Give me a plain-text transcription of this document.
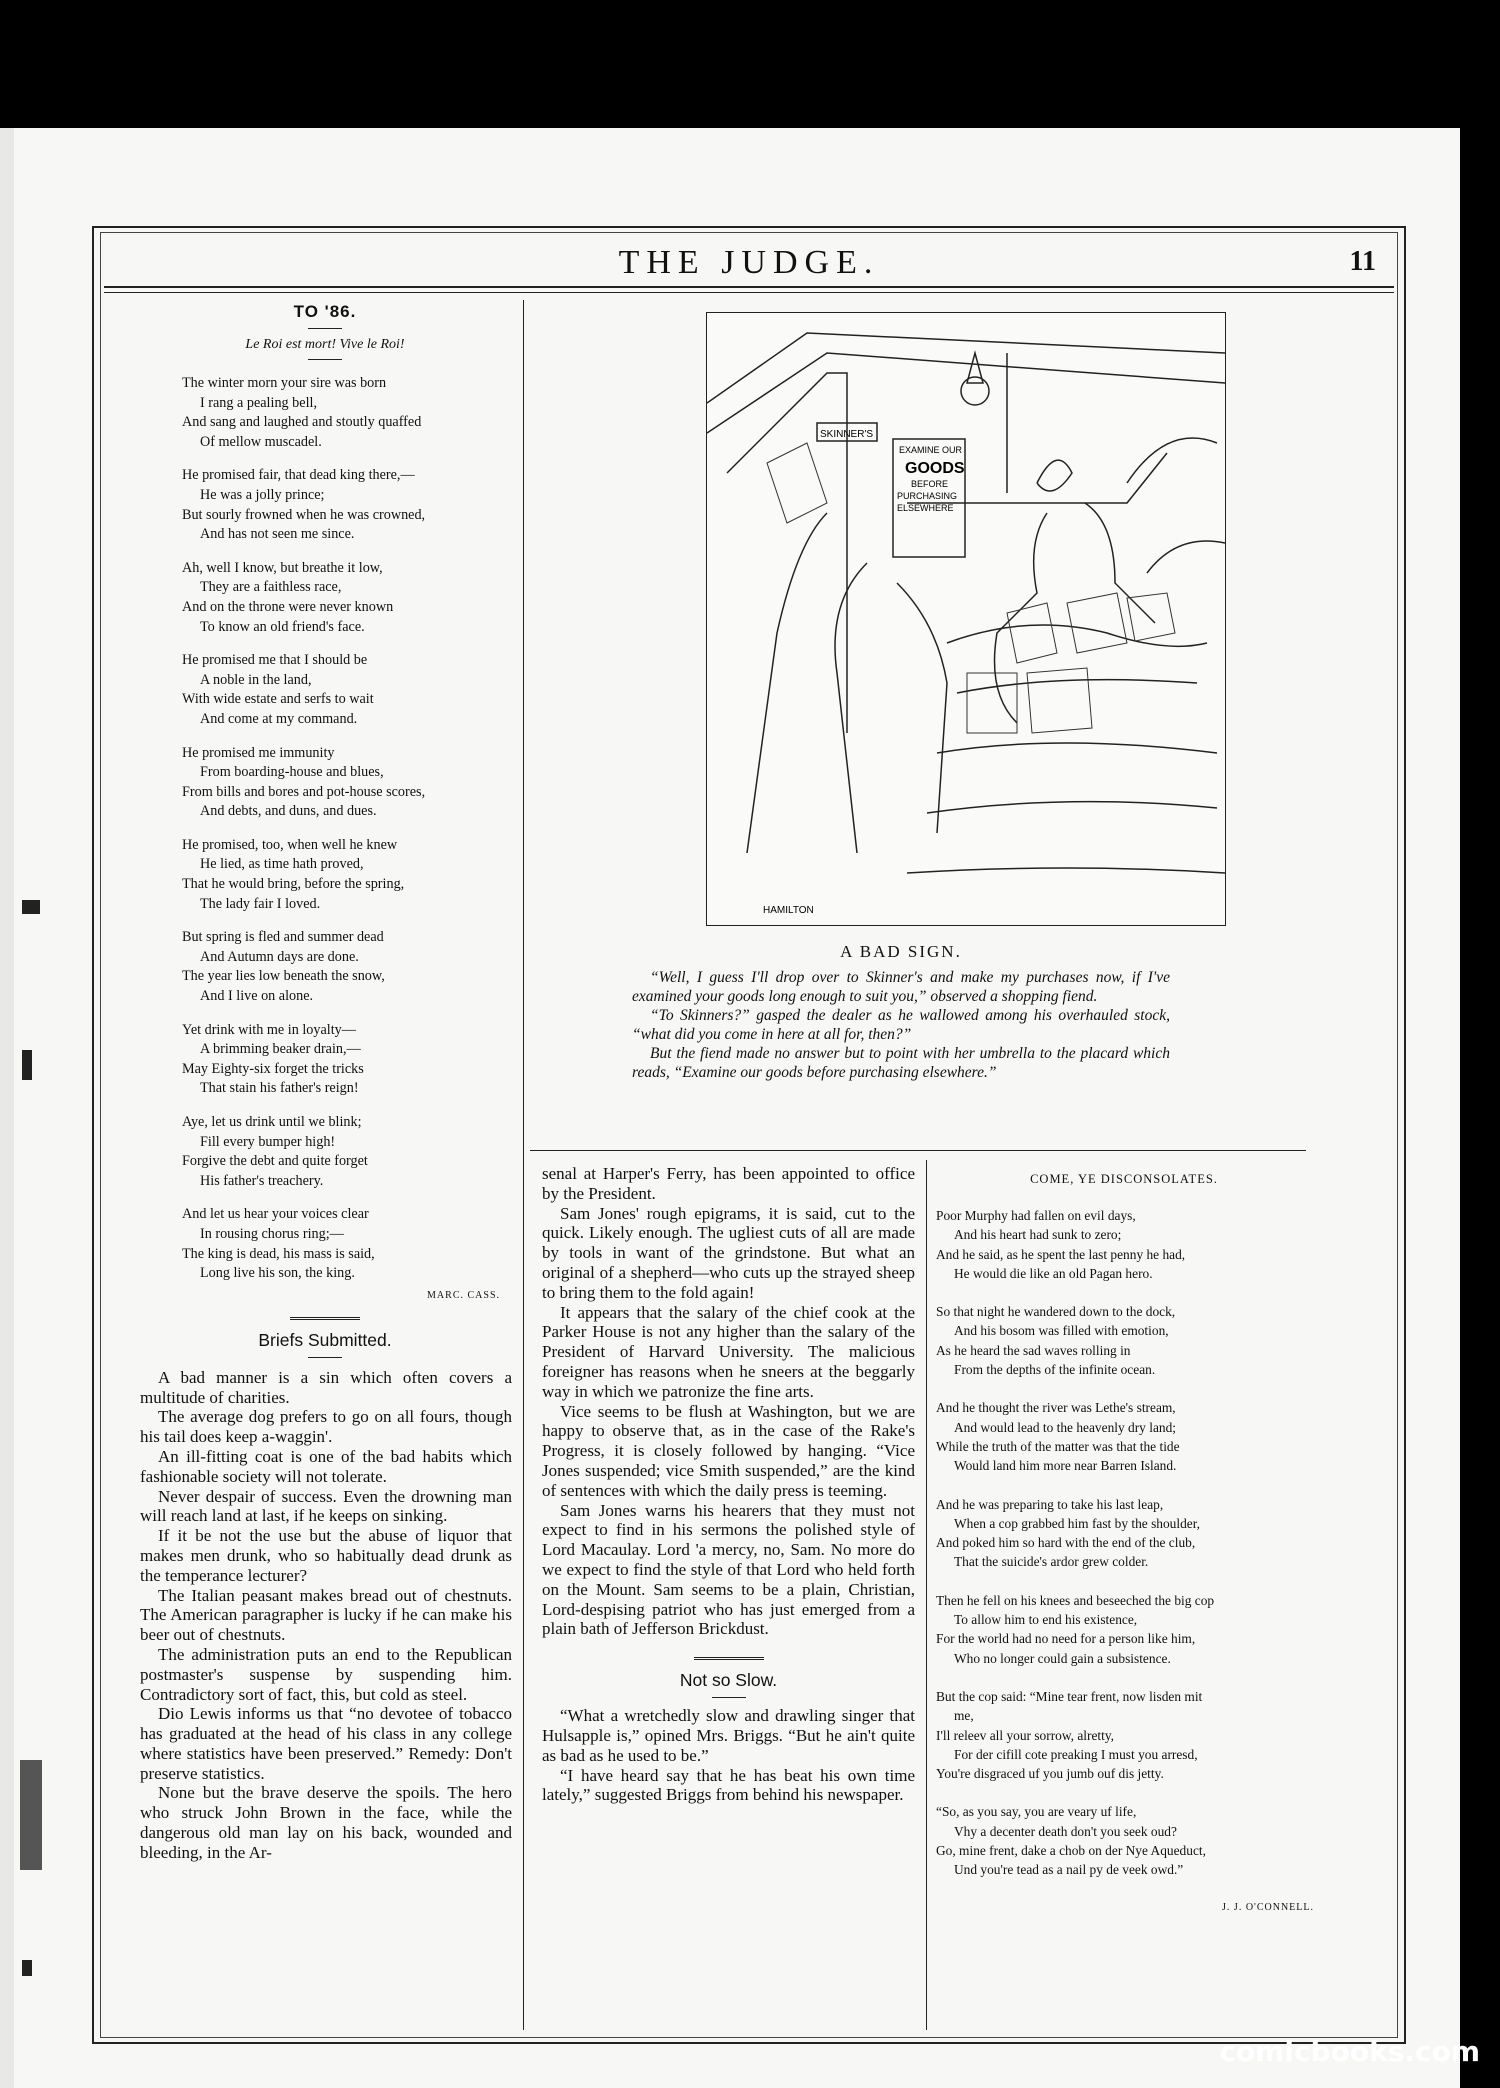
THE JUDGE.	11
TO '86.
Le Roi est mort! Vive le Roi!
The winter morn your sire was born
I rang a pealing bell,
And sang and laughed and stoutly quaffed
Of mellow muscadel.
He promised fair, that dead king there,—
He was a jolly prince;
But sourly frowned when he was crowned,
And has not seen me since.
Ah, well I know, but breathe it low,
They are a faithless race,
And on the throne were never known
To know an old friend's face.
He promised me that I should be
A noble in the land,
With wide estate and serfs to wait
And come at my command.
He promised me immunity
From boarding-house and blues,
From bills and bores and pot-house scores,
And debts, and duns, and dues.
He promised, too, when well he knew
He lied, as time hath proved,
That he would bring, before the spring,
The lady fair I loved.
But spring is fled and summer dead
And Autumn days are done.
The year lies low beneath the snow,
And I live on alone.
Yet drink with me in loyalty—
A brimming beaker drain,—
May Eighty-six forget the tricks
That stain his father's reign!
Aye, let us drink until we blink;
Fill every bumper high!
Forgive the debt and quite forget
His father's treachery.
And let us hear your voices clear
In rousing chorus ring;—
The king is dead, his mass is said,
Long live his son, the king.
MARC. CASS.
Briefs Submitted.

A bad manner is a sin which often covers a multitude of charities.

The average dog prefers to go on all fours, though his tail does keep a-waggin'.

An ill-fitting coat is one of the bad habits which fashionable society will not tolerate.

Never despair of success. Even the drowning man will reach land at last, if he keeps on sinking.

If it be not the use but the abuse of liquor that makes men drunk, who so habitually dead drunk as the temperance lecturer?

The Italian peasant makes bread out of chestnuts. The American paragrapher is lucky if he can make his beer out of chestnuts.

The administration puts an end to the Republican postmaster's suspense by suspending him. Contradictory sort of fact, this, but cold as steel.

Dio Lewis informs us that “no devotee of tobacco has graduated at the head of his class in any college where statistics have been preserved.” Remedy: Don't preserve statistics.

None but the brave deserve the spoils. The hero who struck John Brown in the face, while the dangerous old man lay on his back, wounded and bleeding, in the Ar-

EXAMINE OUR
GOODS
BEFORE
PURCHASING
ELSEWHERE
SKINNER'S
HAMILTON
A BAD SIGN.

“Well, I guess I'll drop over to Skinner's and make my purchases now, if I've examined your goods long enough to suit you,” observed a shopping fiend.

“To Skinners?” gasped the dealer as he wallowed among his overhauled stock, “what did you come in here at all for, then?”

But the fiend made no answer but to point with her umbrella to the placard which reads, “Examine our goods before purchasing elsewhere.”

senal at Harper's Ferry, has been appointed to office by the President.

Sam Jones' rough epigrams, it is said, cut to the quick. Likely enough. The ugliest cuts of all are made by tools in want of the grindstone. But what an original of a shepherd—who cuts up the strayed sheep to bring them to the fold again!

It appears that the salary of the chief cook at the Parker House is not any higher than the salary of the President of Harvard University. The malicious foreigner has reasons when he sneers at the beggarly way in which we patronize the fine arts.

Vice seems to be flush at Washington, but we are happy to observe that, as in the case of the Rake's Progress, it is closely followed by hanging. “Vice Jones suspended; vice Smith suspended,” are the kind of sentences with which the daily press is teeming.

Sam Jones warns his hearers that they must not expect to find in his sermons the polished style of Lord Macaulay. Lord 'a mercy, no, Sam. No more do we expect to find the style of that Lord who held forth on the Mount. Sam seems to be a plain, Christian, Lord-despising patriot who has just emerged from a plain bath of Jefferson Brickdust.

Not so Slow.

“What a wretchedly slow and drawling singer that Hulsapple is,” opined Mrs. Briggs. “But he ain't quite as bad as he used to be.”

“I have heard say that he has beat his own time lately,” suggested Briggs from behind his newspaper.

COME, YE DISCONSOLATES.
Poor Murphy had fallen on evil days,
And his heart had sunk to zero;
And he said, as he spent the last penny he had,
He would die like an old Pagan hero.
So that night he wandered down to the dock,
And his bosom was filled with emotion,
As he heard the sad waves rolling in
From the depths of the infinite ocean.
And he thought the river was Lethe's stream,
And would lead to the heavenly dry land;
While the truth of the matter was that the tide
Would land him more near Barren Island.
And he was preparing to take his last leap,
When a cop grabbed him fast by the shoulder,
And poked him so hard with the end of the club,
That the suicide's ardor grew colder.
Then he fell on his knees and beseeched the big cop
To allow him to end his existence,
For the world had no need for a person like him,
Who no longer could gain a subsistence.
But the cop said: “Mine tear frent, now lisden mit
me,
I'll releev all your sorrow, alretty,
For der cifill cote preaking I must you arresd,
You're disgraced uf you jumb ouf dis jetty.
“So, as you say, you are veary uf life,
Vhy a decenter death don't you seek oud?
Go, mine frent, dake a chob on der Nye Aqueduct,
Und you're tead as a nail py de veek owd.”
J. J. O'CONNELL.
comicbooks.com
